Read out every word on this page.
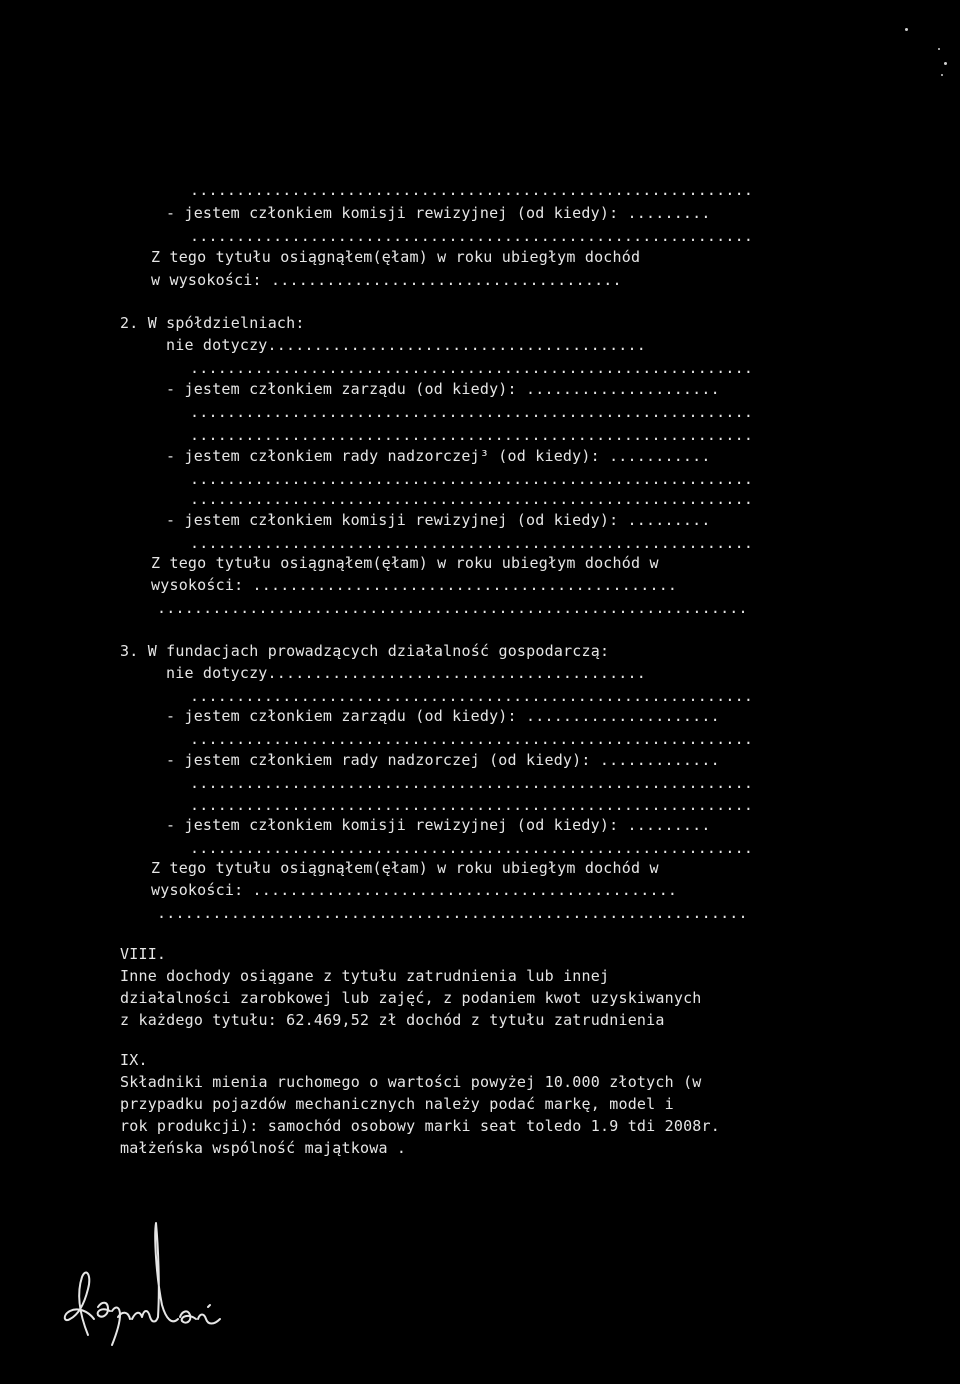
.............................................................
- jestem członkiem komisji rewizyjnej (od kiedy): .........
.............................................................
Z tego tytułu osiągnąłem(ęłam) w roku ubiegłym dochód
w wysokości: ......................................
2. W spółdzielniach:
nie dotyczy.........................................
.............................................................
- jestem członkiem zarządu (od kiedy): .....................
.............................................................
.............................................................
- jestem członkiem rady nadzorczej³ (od kiedy): ...........
.............................................................
.............................................................
- jestem członkiem komisji rewizyjnej (od kiedy): .........
.............................................................
Z tego tytułu osiągnąłem(ęłam) w roku ubiegłym dochód w
wysokości: ..............................................
................................................................
3. W fundacjach prowadzących działalność gospodarczą:
nie dotyczy.........................................
.............................................................
- jestem członkiem zarządu (od kiedy): .....................
.............................................................
- jestem członkiem rady nadzorczej (od kiedy): .............
.............................................................
.............................................................
- jestem członkiem komisji rewizyjnej (od kiedy): .........
.............................................................
Z tego tytułu osiągnąłem(ęłam) w roku ubiegłym dochód w
wysokości: ..............................................
................................................................
VIII.
Inne dochody osiągane z tytułu zatrudnienia lub innej
działalności zarobkowej lub zajęć, z podaniem kwot uzyskiwanych
z każdego tytułu: 62.469,52 zł dochód z tytułu zatrudnienia
IX.
Składniki mienia ruchomego o wartości powyżej 10.000 złotych (w
przypadku pojazdów mechanicznych należy podać markę, model i
rok produkcji): samochód osobowy marki seat toledo 1.9 tdi 2008r.
małżeńska wspólność majątkowa .
